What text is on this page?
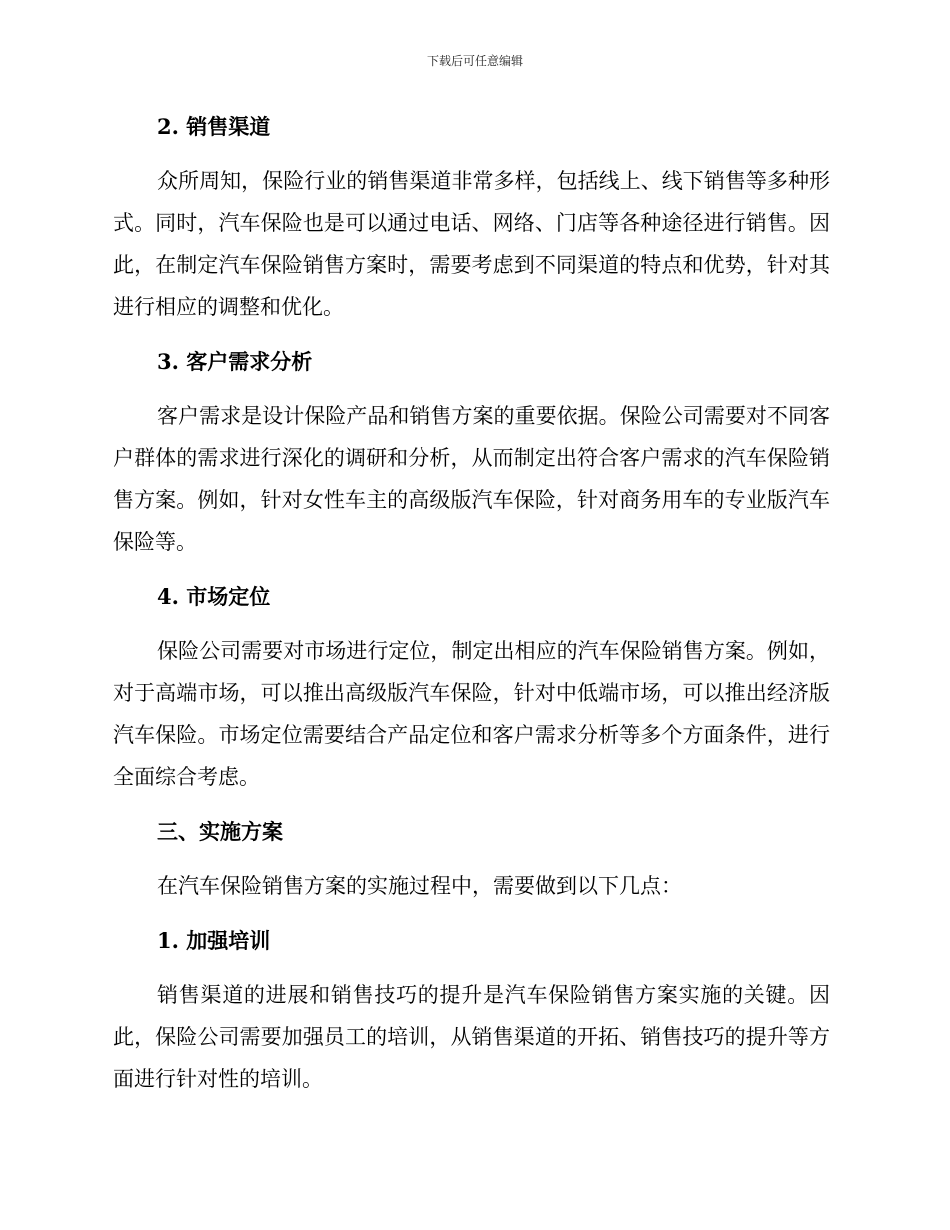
下载后可任意编辑
2. 销售渠道

众所周知，保险行业的销售渠道非常多样，包括线上、线下销售等多种形式。同时，汽车保险也是可以通过电话、网络、门店等各种途径进行销售。因此，在制定汽车保险销售方案时，需要考虑到不同渠道的特点和优势，针对其进行相应的调整和优化。

3. 客户需求分析

客户需求是设计保险产品和销售方案的重要依据。保险公司需要对不同客户群体的需求进行深化的调研和分析，从而制定出符合客户需求的汽车保险销售方案。例如，针对女性车主的高级版汽车保险，针对商务用车的专业版汽车保险等。

4. 市场定位

保险公司需要对市场进行定位，制定出相应的汽车保险销售方案。例如，对于高端市场，可以推出高级版汽车保险，针对中低端市场，可以推出经济版汽车保险。市场定位需要结合产品定位和客户需求分析等多个方面条件，进行全面综合考虑。

三、实施方案

在汽车保险销售方案的实施过程中，需要做到以下几点：

1. 加强培训

销售渠道的进展和销售技巧的提升是汽车保险销售方案实施的关键。因此，保险公司需要加强员工的培训，从销售渠道的开拓、销售技巧的提升等方面进行针对性的培训。
